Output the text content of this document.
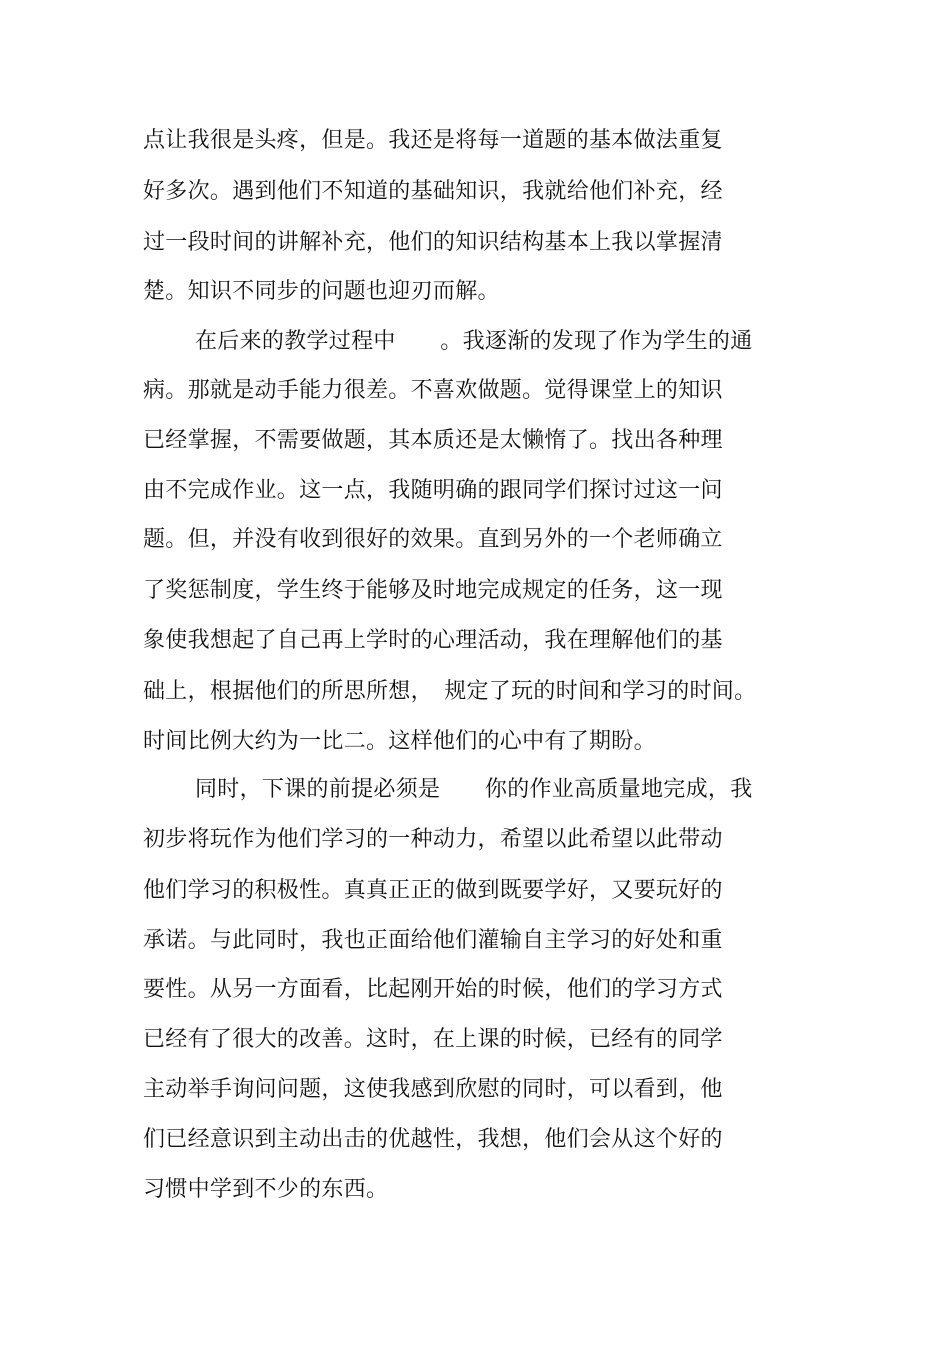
点让我很是头疼，但是。我还是将每一道题的基本做法重复
好多次。遇到他们不知道的基础知识，我就给他们补充，经
过一段时间的讲解补充，他们的知识结构基本上我以掌握清
楚。知识不同步的问题也迎刃而解。
在后来的教学过程中　　。我逐渐的发现了作为学生的通
病。那就是动手能力很差。不喜欢做题。觉得课堂上的知识
已经掌握，不需要做题，其本质还是太懒惰了。找出各种理
由不完成作业。这一点，我随明确的跟同学们探讨过这一问
题。但，并没有收到很好的效果。直到另外的一个老师确立
了奖惩制度，学生终于能够及时地完成规定的任务，这一现
象使我想起了自己再上学时的心理活动，我在理解他们的基
础上，根据他们的所思所想，　规定了玩的时间和学习的时间。
时间比例大约为一比二。这样他们的心中有了期盼。
同时，下课的前提必须是　　你的作业高质量地完成，我
初步将玩作为他们学习的一种动力，希望以此希望以此带动
他们学习的积极性。真真正正的做到既要学好，又要玩好的
承诺。与此同时，我也正面给他们灌输自主学习的好处和重
要性。从另一方面看，比起刚开始的时候，他们的学习方式
已经有了很大的改善。这时，在上课的时候，已经有的同学
主动举手询问问题，这使我感到欣慰的同时，可以看到，他
们已经意识到主动出击的优越性，我想，他们会从这个好的
习惯中学到不少的东西。
